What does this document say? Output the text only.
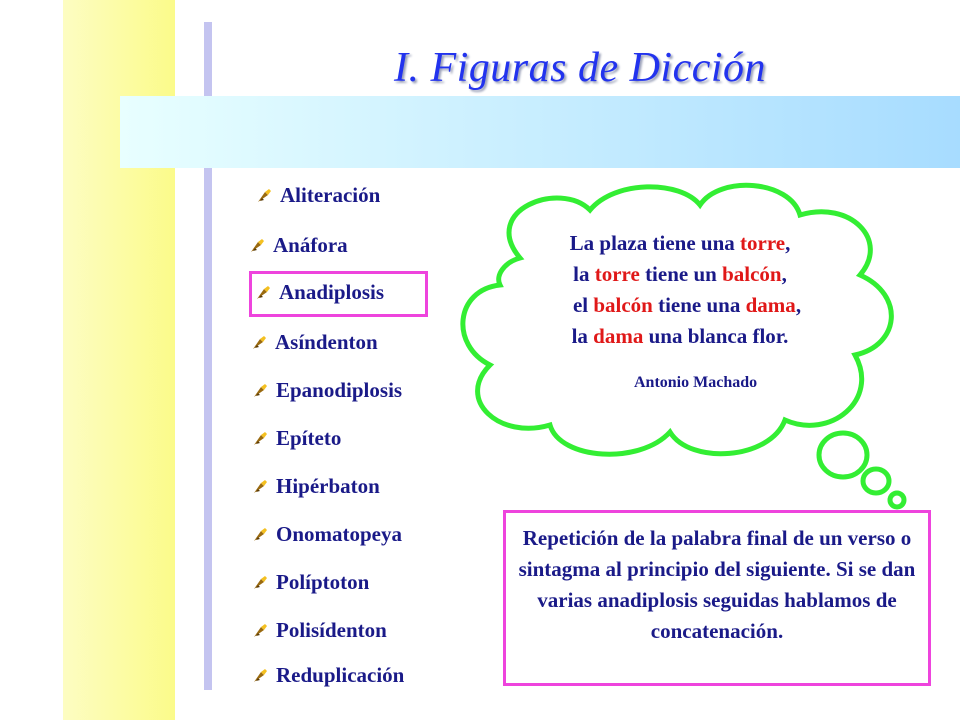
I. Figuras de Dicción
Aliteración
Anáfora
Anadiplosis
Asíndenton
Epanodiplosis
Epíteto
Hipérbaton
Onomatopeya
Políptoton
Polisídenton
Reduplicación
La plaza tiene una torre,
la torre tiene un balcón,
el balcón tiene una dama,
la dama una blanca flor.
Antonio Machado
Repetición de la palabra final de un verso o sintagma al principio del siguiente. Si se dan varias anadiplosis seguidas hablamos de concatenación.
